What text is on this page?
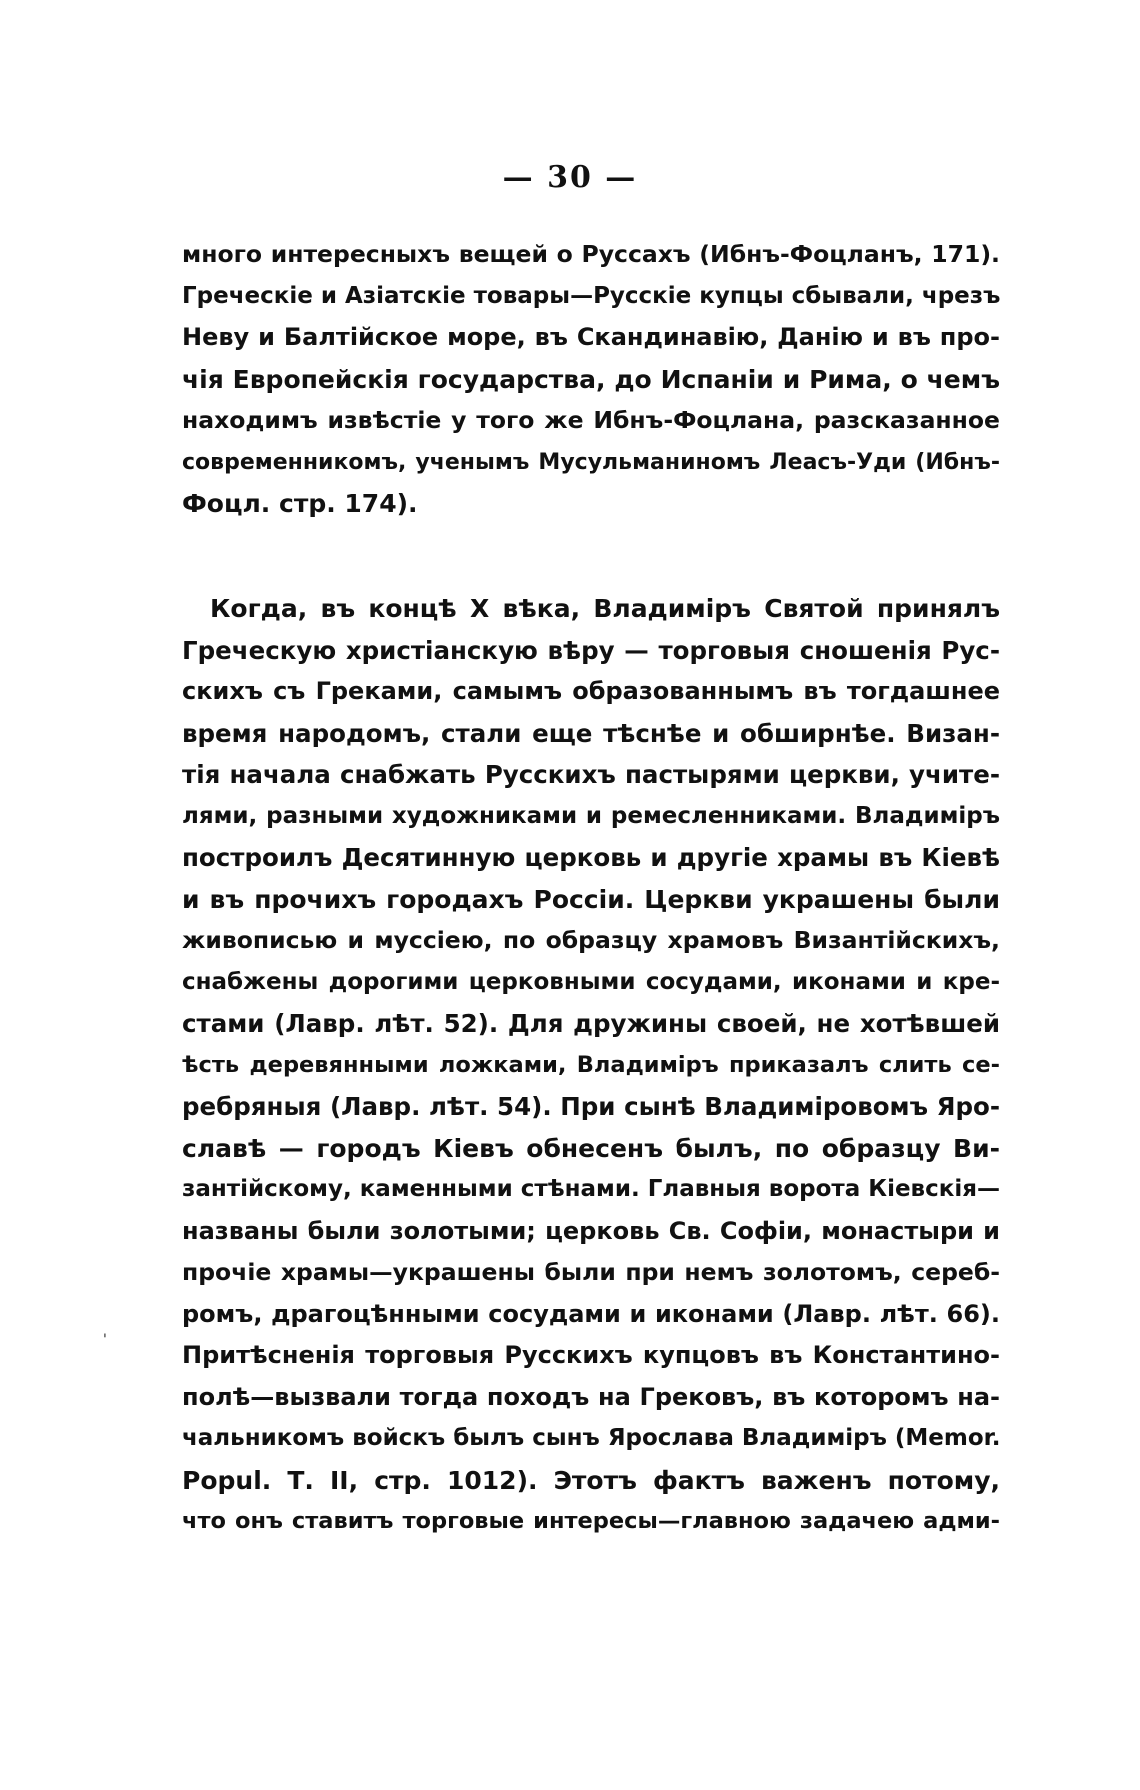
— 30 —
много интересныхъ вещей о Руссахъ (Ибнъ-Фоцланъ, 171).
Греческіе и Азіатскіе товары—Русскіе купцы сбывали, чрезъ
Неву и Балтійское море, въ Скандинавію, Данію и въ про-
чія Европейскія государства, до Испаніи и Рима, о чемъ
находимъ извѣстіе у того же Ибнъ-Фоцлана, разсказанное
современникомъ, ученымъ Мусульманиномъ Леасъ-Уди (Ибнъ-
Фоцл. стр. 174).
Когда, въ концѣ X вѣка, Владиміръ Святой принялъ
Греческую христіанскую вѣру — торговыя сношенія Рус-
скихъ съ Греками, самымъ образованнымъ въ тогдашнее
время народомъ, стали еще тѣснѣе и обширнѣе. Визан-
тія начала снабжать Русскихъ пастырями церкви, учите-
лями, разными художниками и ремесленниками. Владиміръ
построилъ Десятинную церковь и другіе храмы въ Кіевѣ
и въ прочихъ городахъ Россіи. Церкви украшены были
живописью и муссіею, по образцу храмовъ Византійскихъ,
снабжены дорогими церковными сосудами, иконами и кре-
стами (Лавр. лѣт. 52). Для дружины своей, не хотѣвшей
ѣсть деревянными ложками, Владиміръ приказалъ слить се-
ребряныя (Лавр. лѣт. 54). При сынѣ Владиміровомъ Яро-
славѣ — городъ Кіевъ обнесенъ былъ, по образцу Ви-
зантійскому, каменными стѣнами. Главныя ворота Кіевскія—
названы были золотыми; церковь Св. Софіи, монастыри и
прочіе храмы—украшены были при немъ золотомъ, сереб-
ромъ, драгоцѣнными сосудами и иконами (Лавр. лѣт. 66).
Притѣсненія торговыя Русскихъ купцовъ въ Константино-
полѣ—вызвали тогда походъ на Грековъ, въ которомъ на-
чальникомъ войскъ былъ сынъ Ярослава Владиміръ (Memor.
Popul. Т. II, стр. 1012). Этотъ фактъ важенъ потому,
что онъ ставитъ торговые интересы—главною задачею адми-
'
